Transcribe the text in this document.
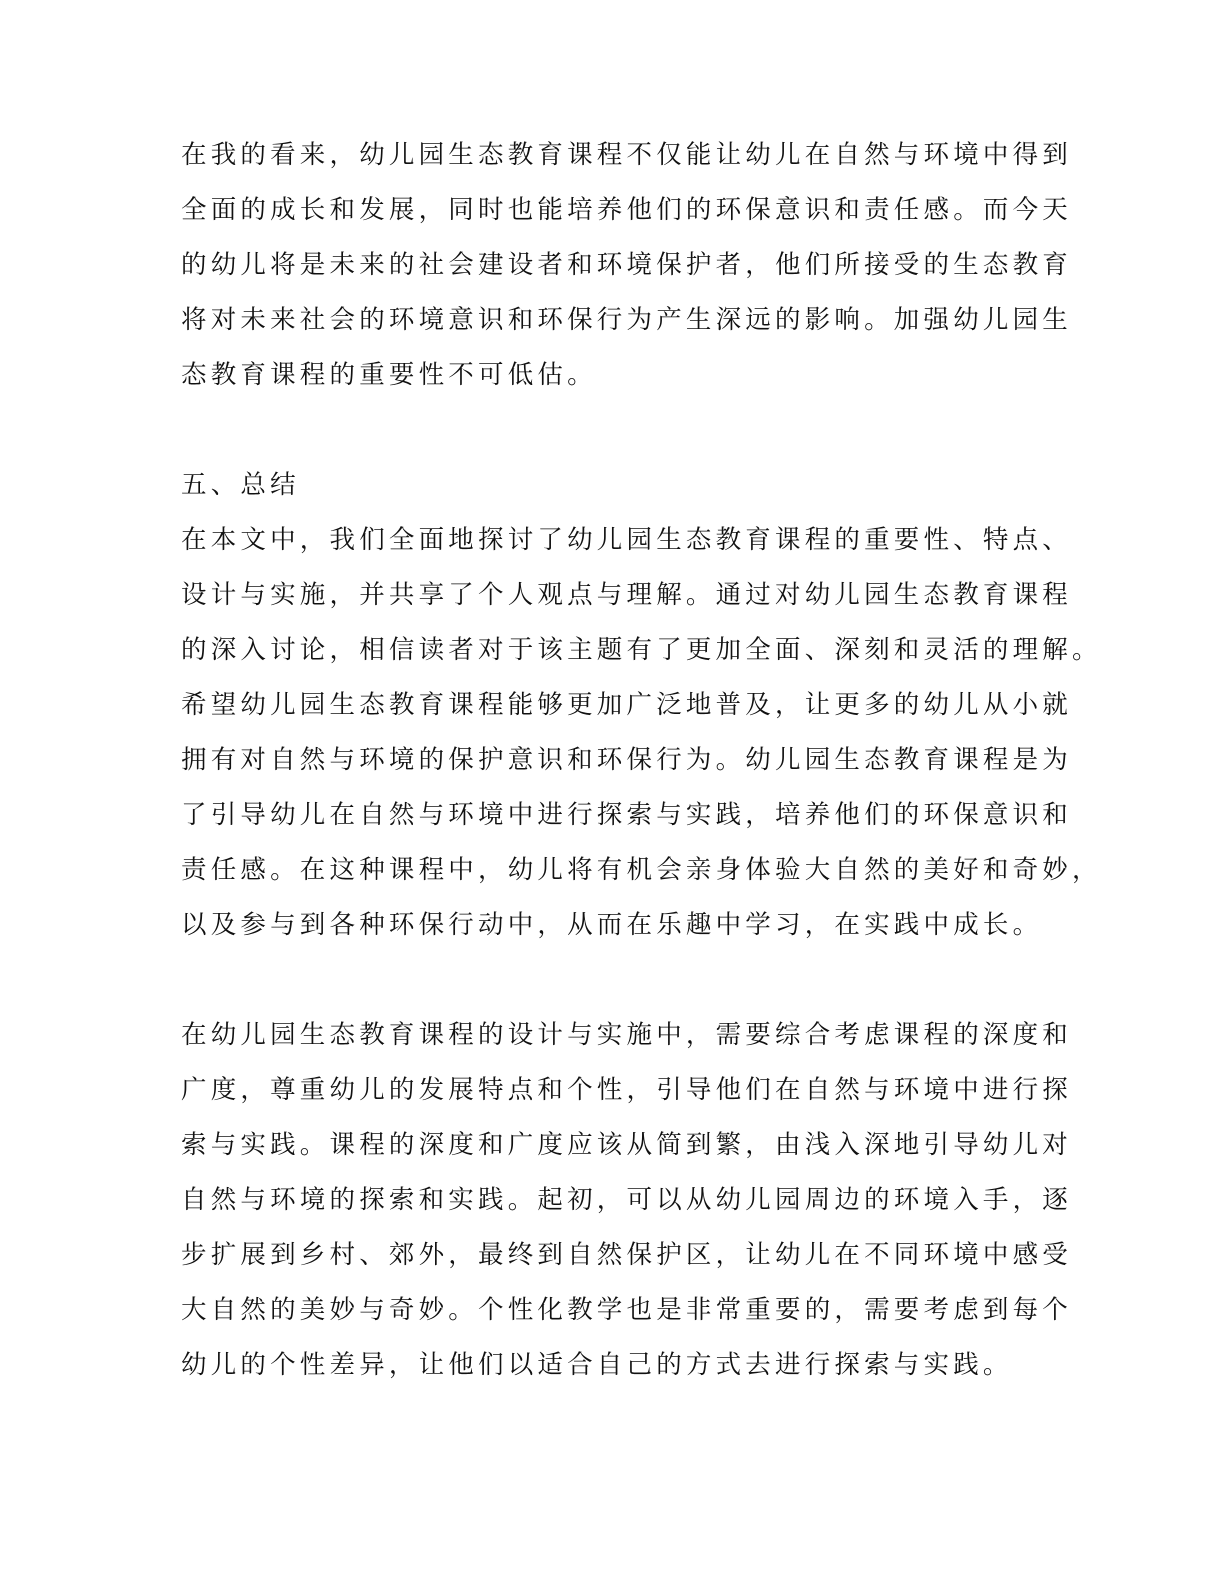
在我的看来，幼儿园生态教育课程不仅能让幼儿在自然与环境中得到
全面的成长和发展，同时也能培养他们的环保意识和责任感。而今天
的幼儿将是未来的社会建设者和环境保护者，他们所接受的生态教育
将对未来社会的环境意识和环保行为产生深远的影响。加强幼儿园生
态教育课程的重要性不可低估。
五、总结
在本文中，我们全面地探讨了幼儿园生态教育课程的重要性、特点、
设计与实施，并共享了个人观点与理解。通过对幼儿园生态教育课程
的深入讨论，相信读者对于该主题有了更加全面、深刻和灵活的理解。
希望幼儿园生态教育课程能够更加广泛地普及，让更多的幼儿从小就
拥有对自然与环境的保护意识和环保行为。幼儿园生态教育课程是为
了引导幼儿在自然与环境中进行探索与实践，培养他们的环保意识和
责任感。在这种课程中，幼儿将有机会亲身体验大自然的美好和奇妙，
以及参与到各种环保行动中，从而在乐趣中学习，在实践中成长。
在幼儿园生态教育课程的设计与实施中，需要综合考虑课程的深度和
广度，尊重幼儿的发展特点和个性，引导他们在自然与环境中进行探
索与实践。课程的深度和广度应该从简到繁，由浅入深地引导幼儿对
自然与环境的探索和实践。起初，可以从幼儿园周边的环境入手，逐
步扩展到乡村、郊外，最终到自然保护区，让幼儿在不同环境中感受
大自然的美妙与奇妙。个性化教学也是非常重要的，需要考虑到每个
幼儿的个性差异，让他们以适合自己的方式去进行探索与实践。
